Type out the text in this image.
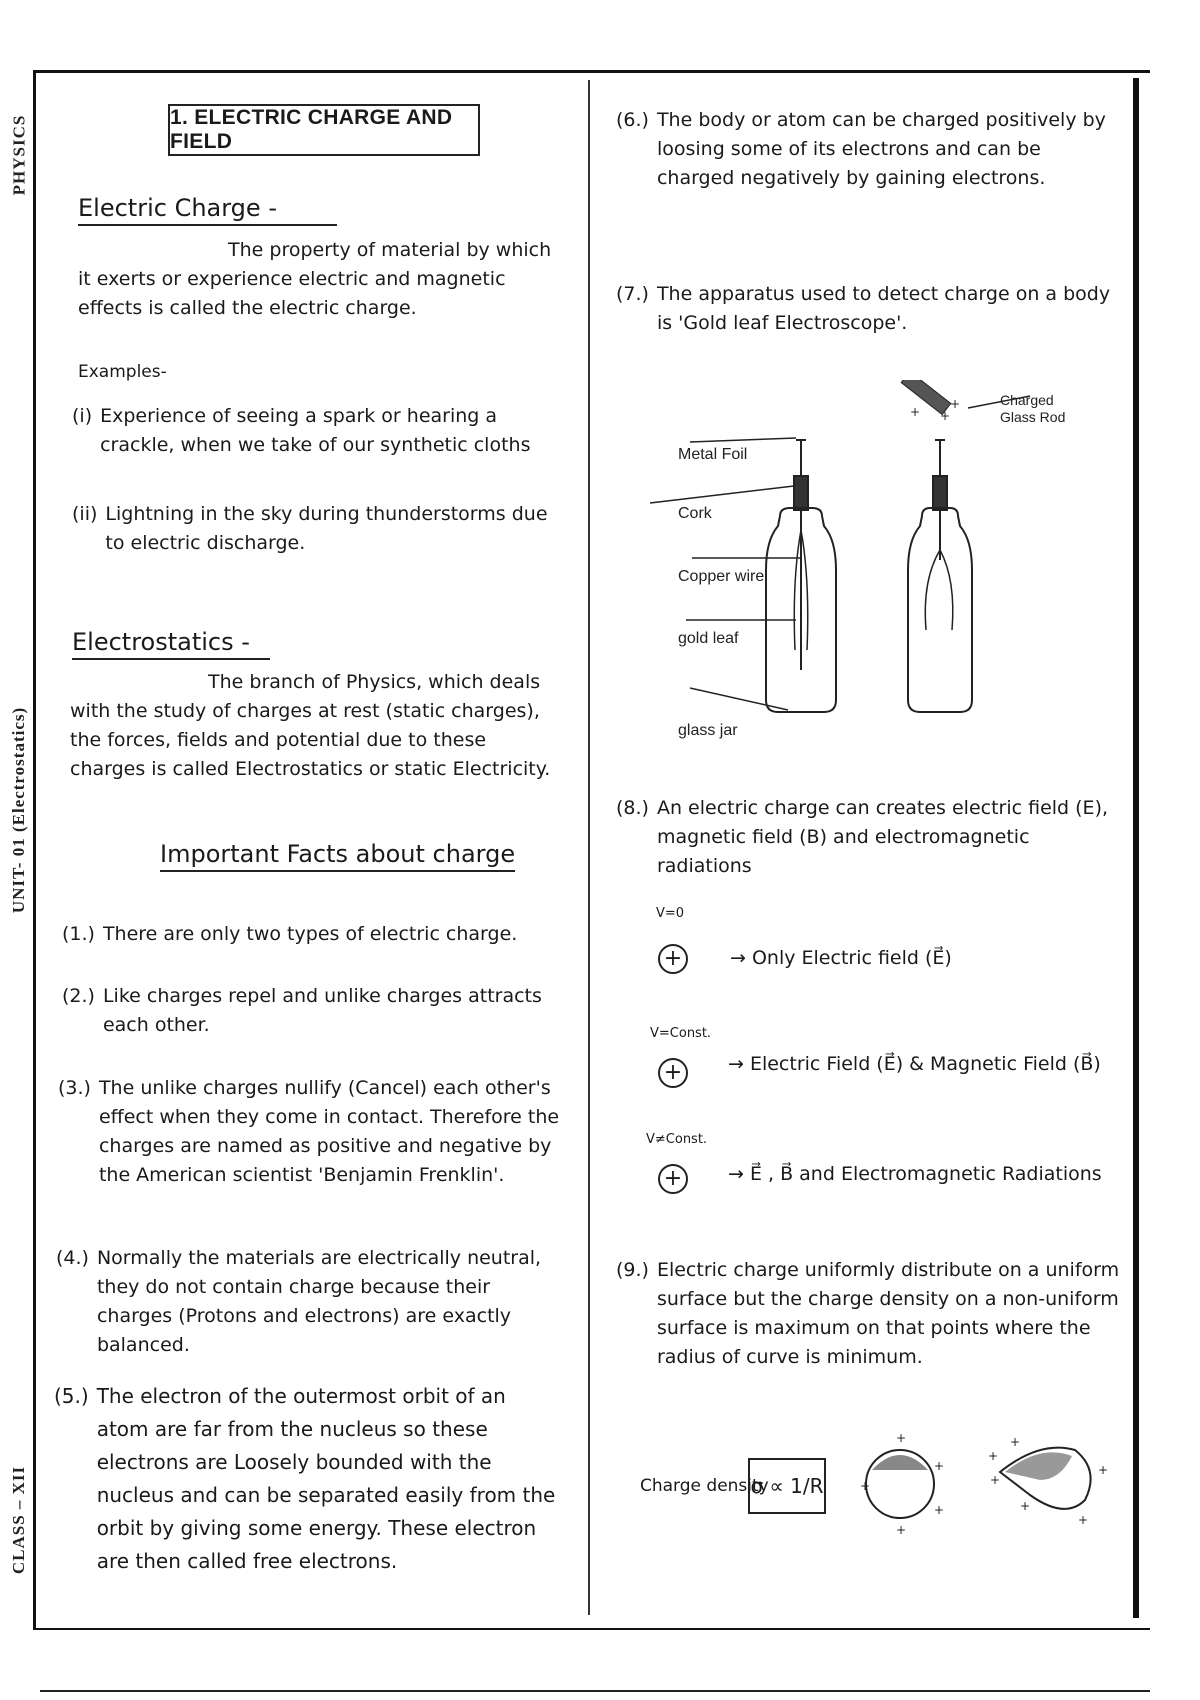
PHYSICS
UNIT- 01 (Electrostatics)
CLASS – XII
1. ELECTRIC CHARGE AND FIELD
Electric Charge -
The property of material by which it exerts or experience electric and magnetic effects is called the electric charge.
Examples-
(i) Experience of seeing a spark or hearing a crackle, when we take of our synthetic cloths
(ii) Lightning in the sky during thunderstorms due to electric discharge.
Electrostatics -
The branch of Physics, which deals with the study of charges at rest (static charges), the forces, fields and potential due to these charges is called Electrostatics or static Electricity.
Important Facts about charge
(1.) There are only two types of electric charge.
(2.) Like charges repel and unlike charges attracts each other.
(3.) The unlike charges nullify (Cancel) each other's effect when they come in contact. Therefore the charges are named as positive and negative by the American scientist 'Benjamin Frenklin'.
(4.) Normally the materials are electrically neutral, they do not contain charge because their charges (Protons and electrons) are exactly balanced.
(5.) The electron of the outermost orbit of an atom are far from the nucleus so these electrons are Loosely bounded with the nucleus and can be separated easily from the orbit by giving some energy. These electron are then called free electrons.
(6.) The body or atom can be charged positively by loosing some of its electrons and can be charged negatively by gaining electrons.
(7.) The apparatus used to detect charge on a body is 'Gold leaf Electroscope'.
+
+
+
Metal Foil
Cork
Copper wire
gold leaf
glass jar
Charged Glass Rod
(8.) An electric charge can creates electric field (E), magnetic field (B) and electromagnetic radiations
V=0
+	→ Only Electric field (E⃗)
V=Const.
+	→ Electric Field (E⃗) & Magnetic Field (B⃗)
V≠Const.
+	→ E⃗ , B⃗ and Electromagnetic Radiations
(9.) Electric charge uniformly distribute on a uniform surface but the charge density on a non-uniform surface is maximum on that points where the radius of curve is minimum.
Charge density
σ ∝ 1/R
+
+
+
+
+
+
+
+
+
+
+
